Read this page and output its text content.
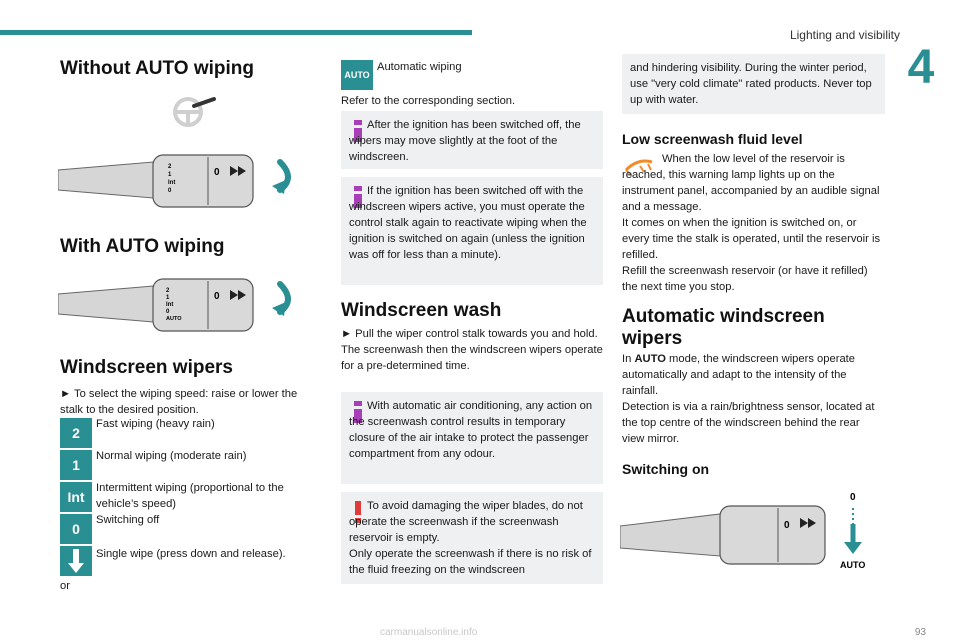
Lighting and visibility
4
Without AUTO wiping
2
1
Int
0
0
With AUTO wiping
2
1
Int
0
AUTO
0
Windscreen wipers
► To select the wiping speed: raise or lower the stalk to the desired position.
2
Fast wiping (heavy rain)
1
Normal wiping (moderate rain)
Int
Intermittent wiping (proportional to the vehicle’s speed)
0
Switching off
Single wipe (press down and release).
or
AUTO
Automatic wiping
Refer to the corresponding section.
After the ignition has been switched off, the wipers may move slightly at the foot of the windscreen.
If the ignition has been switched off with the windscreen wipers active, you must operate the control stalk again to reactivate wiping when the ignition is switched on again (unless the ignition was off for less than a minute).
Windscreen wash
► Pull the wiper control stalk towards you and hold.
The screenwash then the windscreen wipers operate for a pre-determined time.
With automatic air conditioning, any action on the screenwash control results in temporary closure of the air intake to protect the passenger compartment from any odour.
To avoid damaging the wiper blades, do not operate the screenwash if the screenwash reservoir is empty.
Only operate the screenwash if there is no risk of the fluid freezing on the windscreen
and hindering visibility. During the winter period, use "very cold climate" rated products. Never top up with water.
Low screenwash fluid level
When the low level of the reservoir is reached, this warning lamp lights up on the instrument panel, accompanied by an audible signal and a message.
It comes on when the ignition is switched on, or every time the stalk is operated, until the reservoir is refilled.
Refill the screenwash reservoir (or have it refilled) the next time you stop.
Automatic windscreen wipers
In AUTO mode, the windscreen wipers operate automatically and adapt to the intensity of the rainfall.
Detection is via a rain/brightness sensor, located at the top centre of the windscreen behind the rear view mirror.
Switching on
0
0
AUTO
93
carmanualsonline.info
